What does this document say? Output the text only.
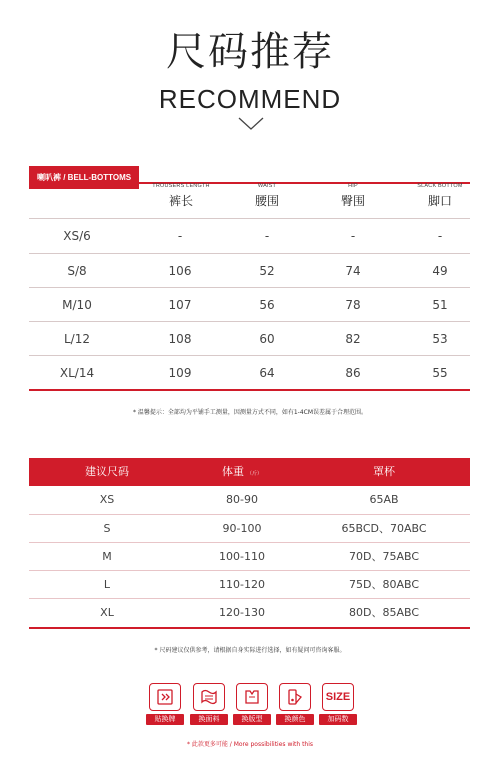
尺码推荐
RECOMMEND
喇叭裤 / BELL-BOTTOMS
TROUSERS LENGTH
裤长
WAIST
腰围
HIP
臀围
SLACK BOTTOM
脚口
XS/6	-	-	-	-
S/8	106	52	74	49
M/10	107	56	78	51
L/12	108	60	82	53
XL/14	109	64	86	55
* 温馨提示：全部均为平铺手工测量，因测量方式不同，如有1-4CM误差属于合理范围。
建议尺码	体重 （斤）	罩杯
XS	80-90	65AB
S	90-100	65BCD、70ABC
M	100-110	70D、75ABC
L	110-120	75D、80ABC
XL	120-130	80D、85ABC
* 尺码建议仅供参考，请根据自身实际进行选择，如有疑问可咨询客服。
贴换牌	换面料	换版型	换颜色
SIZE
加码数
* 此款更多可能 / More possibilities with this
